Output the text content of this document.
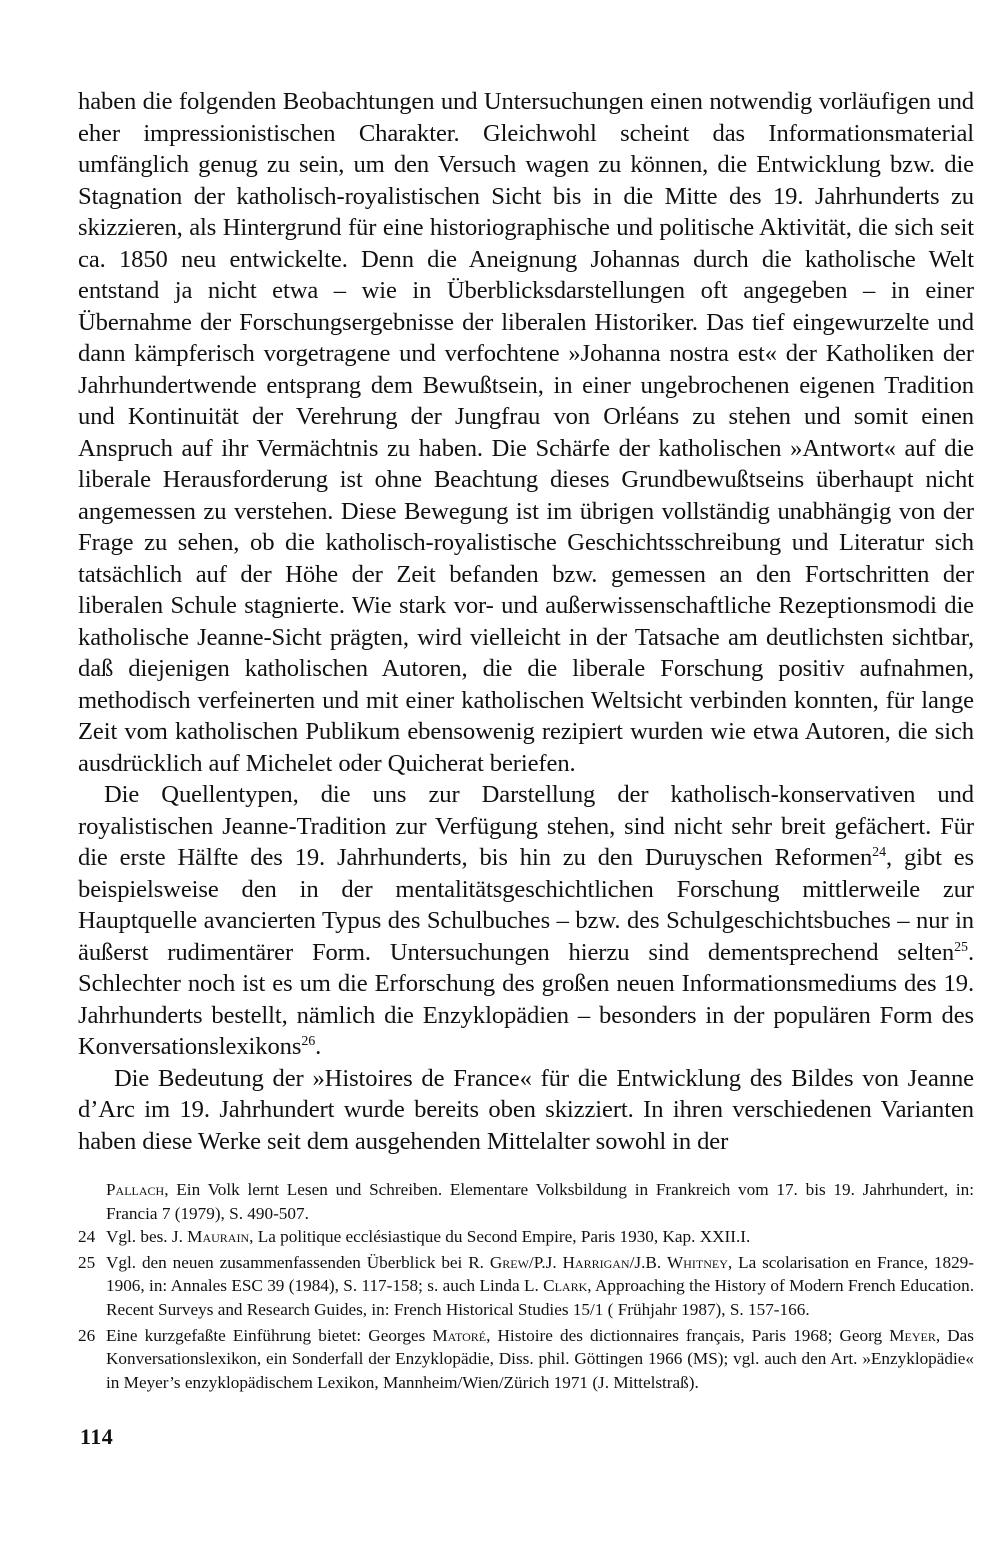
haben die folgenden Beobachtungen und Untersuchungen einen notwendig vorläufigen und eher impressionistischen Charakter. Gleichwohl scheint das Informationsmaterial umfänglich genug zu sein, um den Versuch wagen zu können, die Entwicklung bzw. die Stagnation der katholisch-royalistischen Sicht bis in die Mitte des 19. Jahrhunderts zu skizzieren, als Hintergrund für eine historiographische und politische Aktivität, die sich seit ca. 1850 neu entwickelte. Denn die Aneignung Johannas durch die katholische Welt entstand ja nicht etwa – wie in Überblicksdarstellungen oft angegeben – in einer Übernahme der Forschungsergebnisse der liberalen Historiker. Das tief eingewurzelte und dann kämpferisch vorgetragene und verfochtene »Johanna nostra est« der Katholiken der Jahrhundertwende entsprang dem Bewußtsein, in einer ungebrochenen eigenen Tradition und Kontinuität der Verehrung der Jungfrau von Orléans zu stehen und somit einen Anspruch auf ihr Vermächtnis zu haben. Die Schärfe der katholischen »Antwort« auf die liberale Herausforderung ist ohne Beachtung dieses Grundbewußtseins überhaupt nicht angemessen zu verstehen. Diese Bewegung ist im übrigen vollständig unabhängig von der Frage zu sehen, ob die katholisch-royalistische Geschichtsschreibung und Literatur sich tatsächlich auf der Höhe der Zeit befanden bzw. gemessen an den Fortschritten der liberalen Schule stagnierte. Wie stark vor- und außerwissenschaftliche Rezeptionsmodi die katholische Jeanne-Sicht prägten, wird vielleicht in der Tatsache am deutlichsten sichtbar, daß diejenigen katholischen Autoren, die die liberale Forschung positiv aufnahmen, methodisch verfeinerten und mit einer katholischen Weltsicht verbinden konnten, für lange Zeit vom katholischen Publikum ebensowenig rezipiert wurden wie etwa Autoren, die sich ausdrücklich auf Michelet oder Quicherat beriefen.

Die Quellentypen, die uns zur Darstellung der katholisch-konservativen und royalistischen Jeanne-Tradition zur Verfügung stehen, sind nicht sehr breit gefächert. Für die erste Hälfte des 19. Jahrhunderts, bis hin zu den Duruyschen Reformen$^{24}$, gibt es beispielsweise den in der mentalitätsgeschichtlichen Forschung mittlerweile zur Hauptquelle avancierten Typus des Schulbuches – bzw. des Schulgeschichtsbuches – nur in äußerst rudimentärer Form. Untersuchungen hierzu sind dementsprechend selten$^{25}$. Schlechter noch ist es um die Erforschung des großen neuen Informationsmediums des 19. Jahrhunderts bestellt, nämlich die Enzyklopädien – besonders in der populären Form des Konversationslexikons$^{26}$.

Die Bedeutung der »Histoires de France« für die Entwicklung des Bildes von Jeanne d’Arc im 19. Jahrhundert wurde bereits oben skizziert. In ihren verschiedenen Varianten haben diese Werke seit dem ausgehenden Mittelalter sowohl in der

Pallach, Ein Volk lernt Lesen und Schreiben. Elementare Volksbildung in Frankreich vom 17. bis 19. Jahrhundert, in: Francia 7 (1979), S. 490-507.
24 Vgl. bes. J. Maurain, La politique ecclésiastique du Second Empire, Paris 1930, Kap. XXII.I.
25 Vgl. den neuen zusammenfassenden Überblick bei R. Grew/P.J. Harrigan/J.B. Whitney, La scolarisation en France, 1829-1906, in: Annales ESC 39 (1984), S. 117-158; s. auch Linda L. Clark, Approaching the History of Modern French Education. Recent Surveys and Research Guides, in: French Historical Studies 15/1 ( Frühjahr 1987), S. 157-166.
26 Eine kurzgefaßte Einführung bietet: Georges Matoré, Histoire des dictionnaires français, Paris 1968; Georg Meyer, Das Konversationslexikon, ein Sonderfall der Enzyklopädie, Diss. phil. Göttingen 1966 (MS); vgl. auch den Art. »Enzyklopädie« in Meyer’s enzyklopädischem Lexikon, Mannheim/Wien/Zürich 1971 (J. Mittelstraß).
114
